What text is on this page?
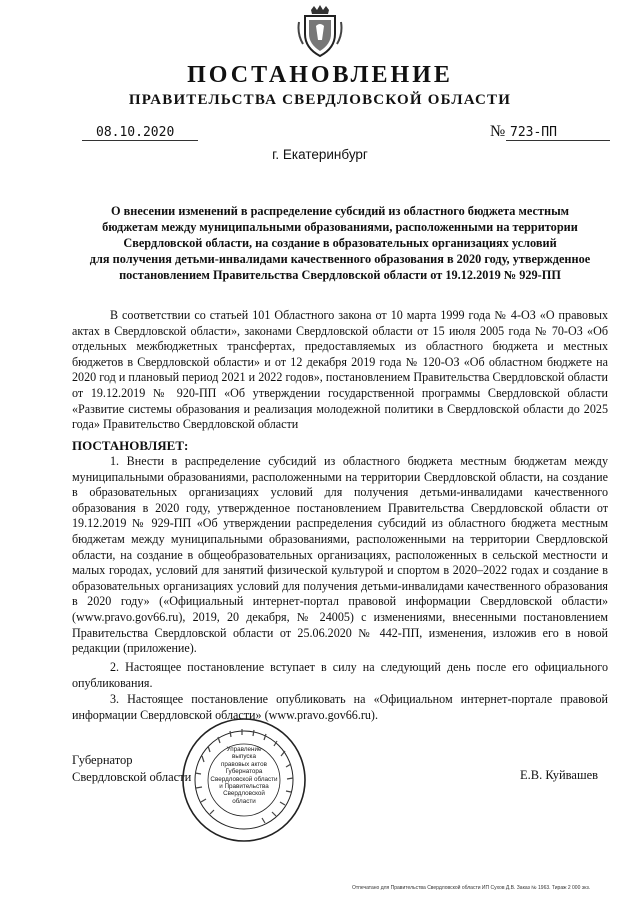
ПОСТАНОВЛЕНИЕ
ПРАВИТЕЛЬСТВА СВЕРДЛОВСКОЙ ОБЛАСТИ
08.10.2020	№ 723-ПП
г. Екатеринбург
О внесении изменений в распределение субсидий из областного бюджета местным
бюджетам между муниципальными образованиями, расположенными на территории
Свердловской области, на создание в образовательных организациях условий
для получения детьми-инвалидами качественного образования в 2020 году, утвержденное
постановлением Правительства Свердловской области от 19.12.2019 № 929-ПП
В соответствии со статьей 101 Областного закона от 10 марта 1999 года № 4-ОЗ «О правовых актах в Свердловской области», законами Свердловской области от 15 июля 2005 года № 70-ОЗ «Об отдельных межбюджетных трансфертах, предоставляемых из областного бюджета и местных бюджетов в Свердловской области» и от 12 декабря 2019 года № 120-ОЗ «Об областном бюджете на 2020 год и плановый период 2021 и 2022 годов», постановлением Правительства Свердловской области от 19.12.2019 № 920-ПП «Об утверждении государственной программы Свердловской области «Развитие системы образования и реализация молодежной политики в Свердловской области до 2025 года» Правительство Свердловской области
ПОСТАНОВЛЯЕТ:
1. Внести в распределение субсидий из областного бюджета местным бюджетам между муниципальными образованиями, расположенными на территории Свердловской области, на создание в образовательных организациях условий для получения детьми-инвалидами качественного образования в 2020 году, утвержденное постановлением Правительства Свердловской области от 19.12.2019 № 929-ПП «Об утверждении распределения субсидий из областного бюджета местным бюджетам между муниципальными образованиями, расположенными на территории Свердловской области, на создание в общеобразовательных организациях, расположенных в сельской местности и малых городах, условий для занятий физической культурой и спортом в 2020–2022 годах и создание в образовательных организациях условий для получения детьми-инвалидами качественного образования в 2020 году» («Официальный интернет-портал правовой информации Свердловской области» (www.pravo.gov66.ru), 2019, 20 декабря, № 24005) с изменениями, внесенными постановлением Правительства Свердловской области от 25.06.2020 № 442-ПП, изменения, изложив его в новой редакции (приложение).
2. Настоящее постановление вступает в силу на следующий день после его официального опубликования.
3. Настоящее постановление опубликовать на «Официальном интернет-портале правовой информации Свердловской области» (www.pravo.gov66.ru).
Губернатор
Свердловской области
Управление
выпуска
правовых актов
Губернатора
Свердловской области
и Правительства
Свердловской
области
Е.В. Куйвашев
Отпечатано для Правительства Свердловской области ИП Сухов Д.В. Заказ № 1963. Тираж 2 000 экз.
